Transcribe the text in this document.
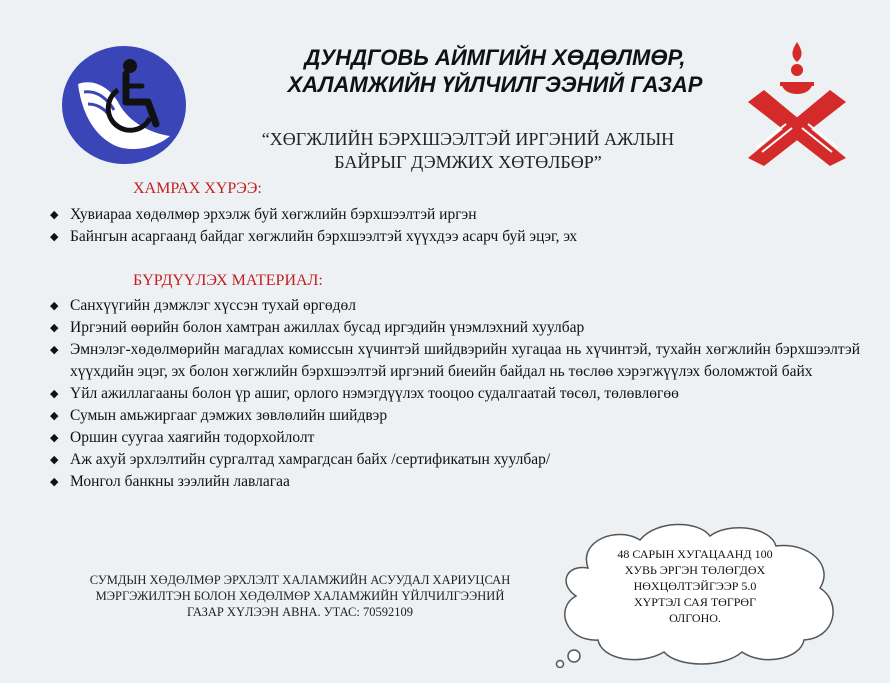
ДУНДГОВЬ АЙМГИЙН ХӨДӨЛМӨР,
ХАЛАМЖИЙН ҮЙЛЧИЛГЭЭНИЙ ГАЗАР
“ХӨГЖЛИЙН БЭРХШЭЭЛТЭЙ ИРГЭНИЙ АЖЛЫН
БАЙРЫГ ДЭМЖИХ ХӨТӨЛБӨР”
ХАМРАХ ХҮРЭЭ:
◆ Хувиараа хөдөлмөр эрхэлж буй хөгжлийн бэрхшээлтэй иргэн
◆ Байнгын асаргаанд байдаг хөгжлийн бэрхшээлтэй хүүхдээ асарч буй эцэг, эх
БҮРДҮҮЛЭХ МАТЕРИАЛ:
◆ Санхүүгийн дэмжлэг хүссэн тухай өргөдөл
◆ Иргэний өөрийн болон хамтран ажиллах бусад иргэдийн үнэмлэхний хуулбар
◆ Эмнэлэг-хөдөлмөрийн магадлах комиссын хүчинтэй шийдвэрийн хугацаа нь хүчинтэй, тухайн хөгжлийн бэрхшээлтэй хүүхдийн эцэг, эх болон хөгжлийн бэрхшээлтэй иргэний биеийн байдал нь төслөө хэрэгжүүлэх боломжтой байх
◆ Үйл ажиллагааны болон үр ашиг, орлого нэмэгдүүлэх тооцоо судалгаатай төсөл, төлөвлөгөө
◆ Сумын амьжиргааг дэмжих зөвлөлийн шийдвэр
◆ Оршин суугаа хаягийн тодорхойлолт
◆ Аж ахуй эрхлэлтийн сургалтад хамрагдсан байх /сертификатын хуулбар/
◆ Монгол банкны зээлийн лавлагаа
СУМДЫН ХӨДӨЛМӨР ЭРХЛЭЛТ ХАЛАМЖИЙН АСУУДАЛ ХАРИУЦСАН
МЭРГЭЖИЛТЭН БОЛОН ХӨДӨЛМӨР ХАЛАМЖИЙН ҮЙЛЧИЛГЭЭНИЙ
ГАЗАР ХҮЛЭЭН АВНА. УТАС: 70592109
48 САРЫН ХУГАЦААНД 100
ХУВЬ ЭРГЭН ТӨЛӨГДӨХ
НӨХЦӨЛТЭЙГЭЭР 5.0
ХҮРТЭЛ САЯ ТӨГРӨГ
ОЛГОНО.
